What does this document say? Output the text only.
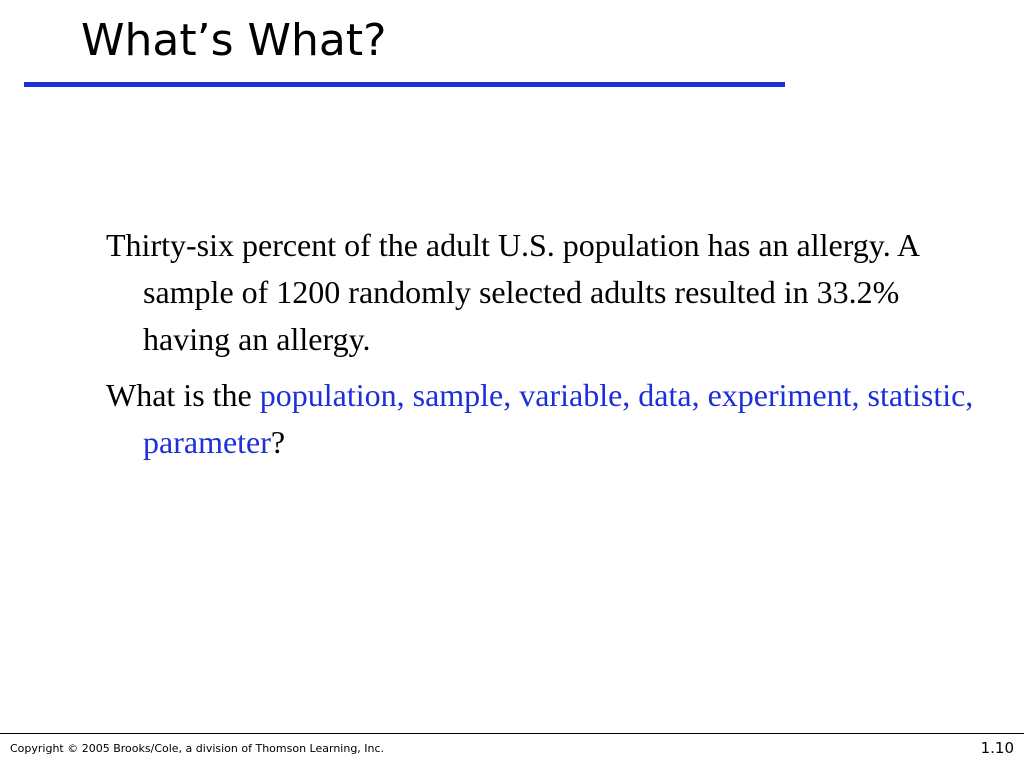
What’s What?

Thirty-six percent of the adult U.S. population has an allergy. A sample of 1200 randomly selected adults resulted in 33.2% having an allergy.

What is the population, sample, variable, data, experiment, statistic, parameter?

Copyright © 2005 Brooks/Cole, a division of Thomson Learning, Inc.	1.10
